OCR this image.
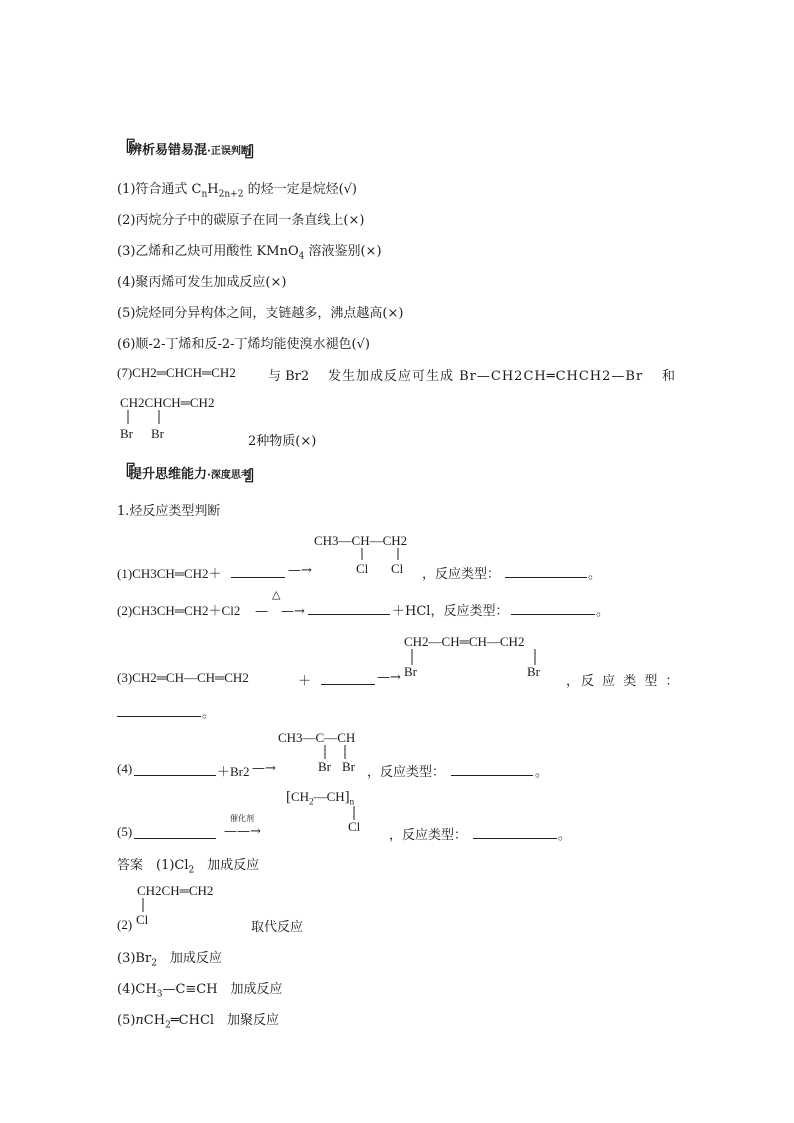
『
辨析易错易混·正误判断
』
(1)符合通式 $C_nH_{2n+2}$ 的烃一定是烷烃(√)
(2)丙烷分子中的碳原子在同一条直线上(×)
(3)乙烯和乙炔可用酸性 KMnO$_4$ 溶液鉴别(×)
(4)聚丙烯可发生加成反应(×)
(5)烷烃同分异构体之间，支链越多，沸点越高(×)
(6)顺-2-丁烯和反-2-丁烯均能使溴水褪色(√)
(7)CH2═CHCH═CH2 与 Br2 发生加成反应可生成 Br—CH2CH═CHCH2—Br 和
CH2CHCH═CH2
Br Br
2种物质(×)
『
提升思维能力·深度思考
』
1.烃反应类型判断
CH3—CH—CH2
Cl Cl
(1)CH3CH═CH2＋	—→	，反应类型：	。
(2)CH3CH═CH2＋Cl2
△
—　—→	＋HCl，反应类型：	。
CH2—CH═CH—CH2
Br	Br
(3)CH2═CH—CH═CH2	＋	—→	，反 应 类 型 ：
。
CH3—C—CH
Br Br
(4)	＋Br2 —→	，反应类型：	。
$[CH_2—CH]_n$
Cl
(5)
催化剂
——→	，反应类型：	。
答案　$(1)Cl_2$　加成反应
CH2CH═CH2
(2) Cl
取代反应
$(3)Br_2$　加成反应
$(4)CH_3—C\equiv CH$　加成反应
(5)nCH$_2$═CHCl　加聚反应
